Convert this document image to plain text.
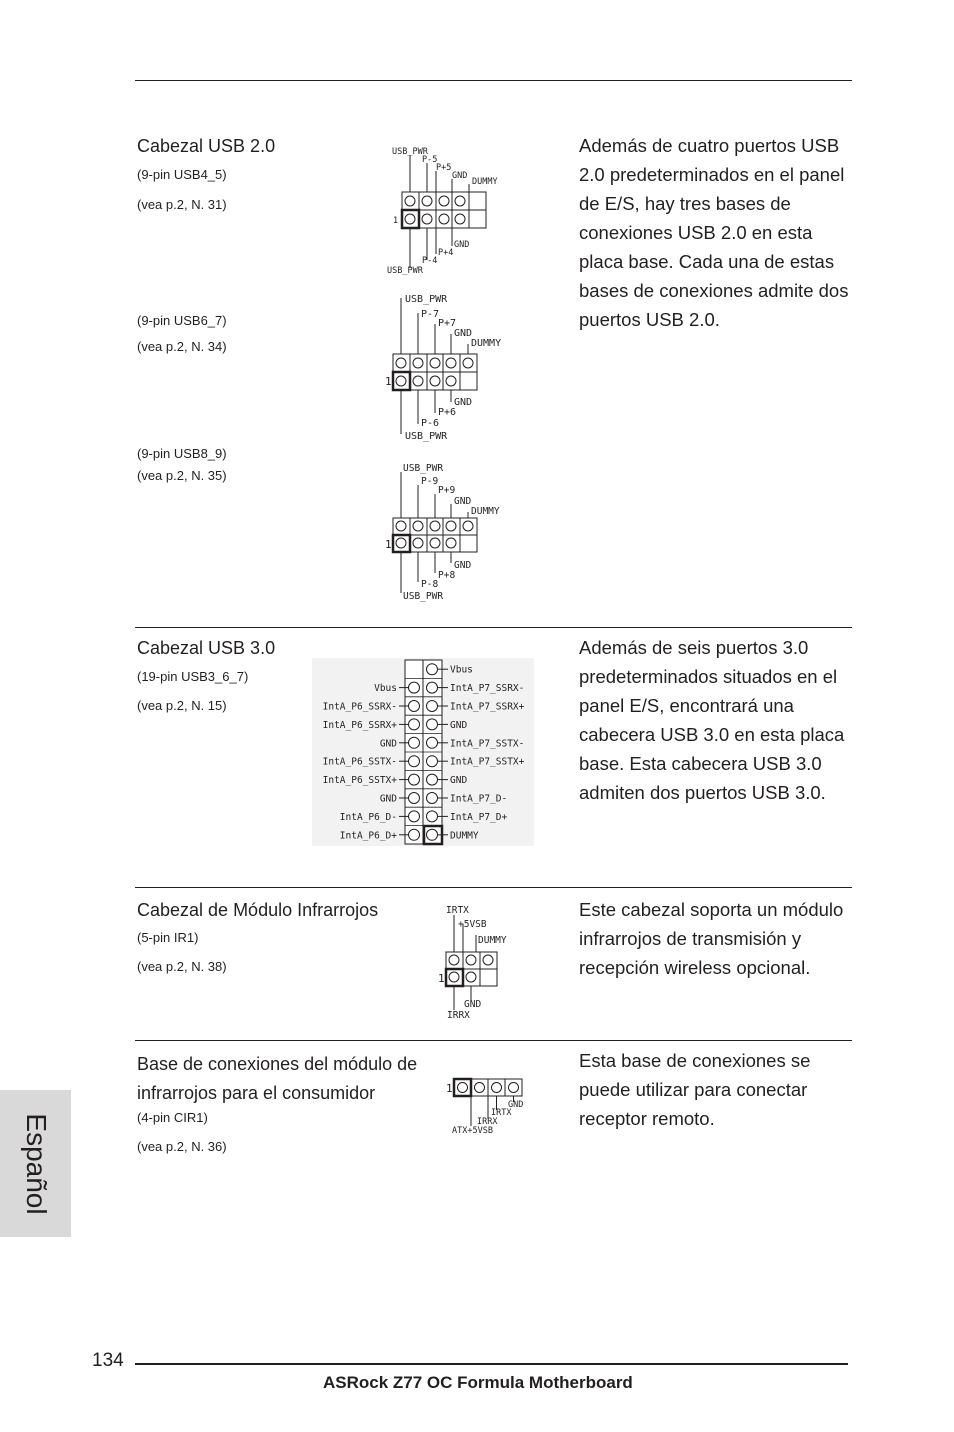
Cabezal USB 2.0
(9-pin USB4_5)
(vea p.2, N. 31)
(9-pin USB6_7)
(vea p.2, N. 34)
(9-pin USB8_9)
(vea p.2, N. 35)
Además de cuatro puertos USB 2.0 predeterminados en el panel de E/S, hay tres bases de conexiones USB 2.0 en esta placa base. Cada una de estas bases de conexiones admite dos puertos USB 2.0.
USB_PWR
P-5
P+5
GND
DUMMY
GND
P+4
P-4
USB_PWR
1
USB_PWR
P-7
P+7
GND
DUMMY
GND
P+6
P-6
USB_PWR
1
USB_PWR
P-9
P+9
GND
DUMMY
GND
P+8
P-8
USB_PWR
1
Cabezal USB 3.0
(19-pin USB3_6_7)
(vea p.2, N. 15)
Además de seis puertos 3.0 predeterminados situados en el panel E/S, encontrará una cabecera USB 3.0 en esta placa base. Esta cabecera USB 3.0 admiten dos puertos USB 3.0.
Vbus
IntA_P6_SSRX-
IntA_P6_SSRX+
GND
IntA_P6_SSTX-
IntA_P6_SSTX+
GND
IntA_P6_D-
IntA_P6_D+
Vbus
IntA_P7_SSRX-
IntA_P7_SSRX+
GND
IntA_P7_SSTX-
IntA_P7_SSTX+
GND
IntA_P7_D-
IntA_P7_D+
DUMMY
Cabezal de Módulo Infrarrojos
(5-pin IR1)
(vea p.2, N. 38)
Este cabezal soporta un módulo infrarrojos de transmisión y recepción wireless opcional.
IRTX
+5VSB
DUMMY
GND
IRRX
1
Base de conexiones del módulo de infrarrojos para el consumidor
(4-pin CIR1)
(vea p.2, N. 36)
Esta base de conexiones se puede utilizar para conectar receptor remoto.
GND
IRTX
IRRX
ATX+5VSB
1
Español
134
ASRock Z77 OC Formula Motherboard
